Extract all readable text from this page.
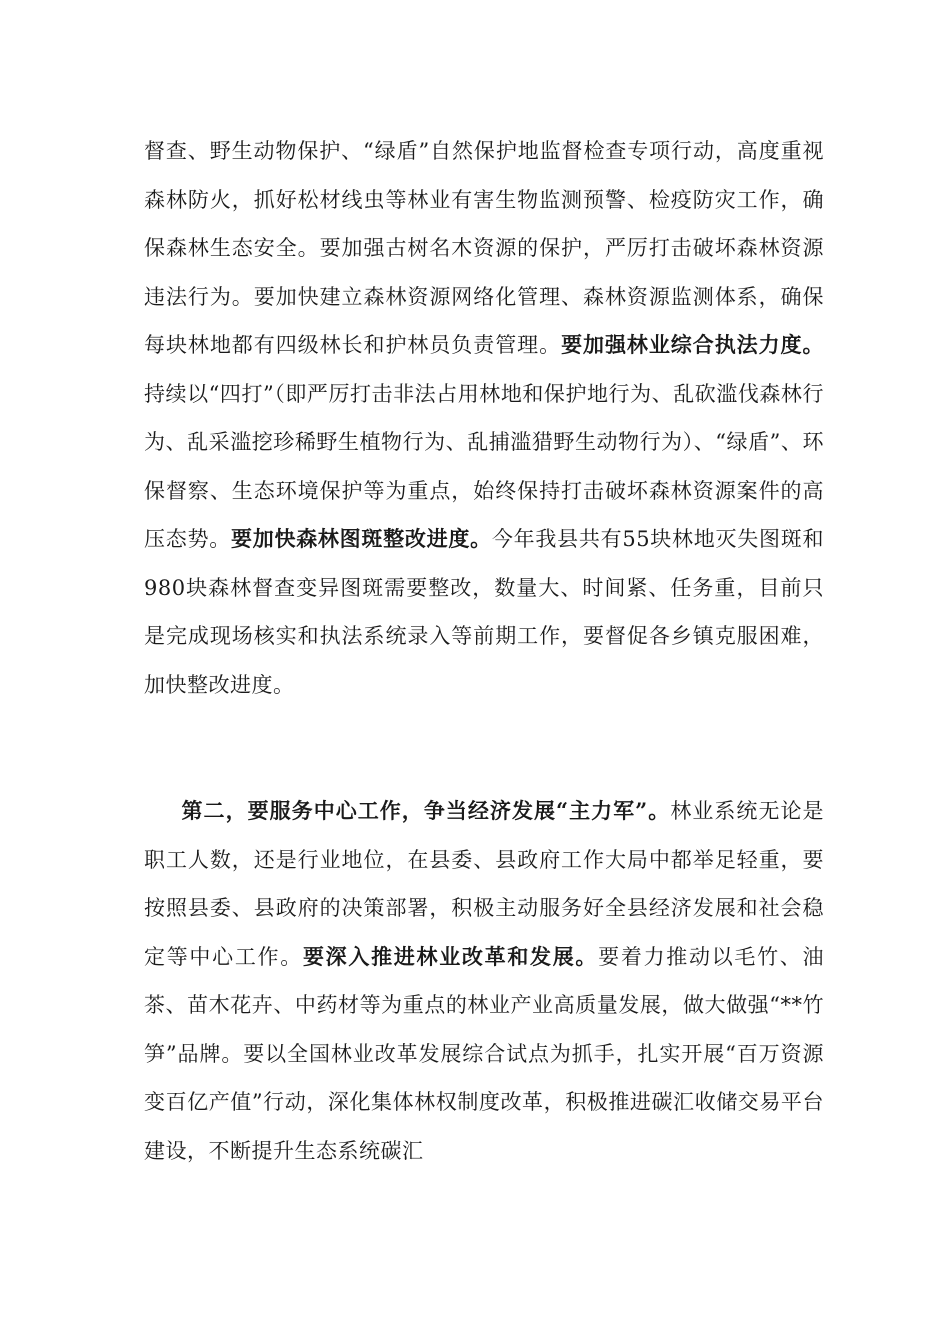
督查、野生动物保护、“绿盾”自然保护地监督检查专项行动，高度重视森林防火，抓好松材线虫等林业有害生物监测预警、检疫防灾工作，确保森林生态安全。要加强古树名木资源的保护，严厉打击破坏森林资源违法行为。要加快建立森林资源网络化管理、森林资源监测体系，确保每块林地都有四级林长和护林员负责管理。要加强林业综合执法力度。持续以“四打”（即严厉打击非法占用林地和保护地行为、乱砍滥伐森林行为、乱采滥挖珍稀野生植物行为、乱捕滥猎野生动物行为）、“绿盾”、环保督察、生态环境保护等为重点，始终保持打击破坏森林资源案件的高压态势。要加快森林图斑整改进度。今年我县共有55块林地灭失图斑和980块森林督查变异图斑需要整改，数量大、时间紧、任务重，目前只是完成现场核实和执法系统录入等前期工作，要督促各乡镇克服困难，加快整改进度。
第二，要服务中心工作，争当经济发展“主力军”。林业系统无论是职工人数，还是行业地位，在县委、县政府工作大局中都举足轻重，要按照县委、县政府的决策部署，积极主动服务好全县经济发展和社会稳定等中心工作。要深入推进林业改革和发展。要着力推动以毛竹、油茶、苗木花卉、中药材等为重点的林业产业高质量发展，做大做强“**竹笋”品牌。要以全国林业改革发展综合试点为抓手，扎实开展“百万资源变百亿产值”行动，深化集体林权制度改革，积极推进碳汇收储交易平台建设，不断提升生态系统碳汇
